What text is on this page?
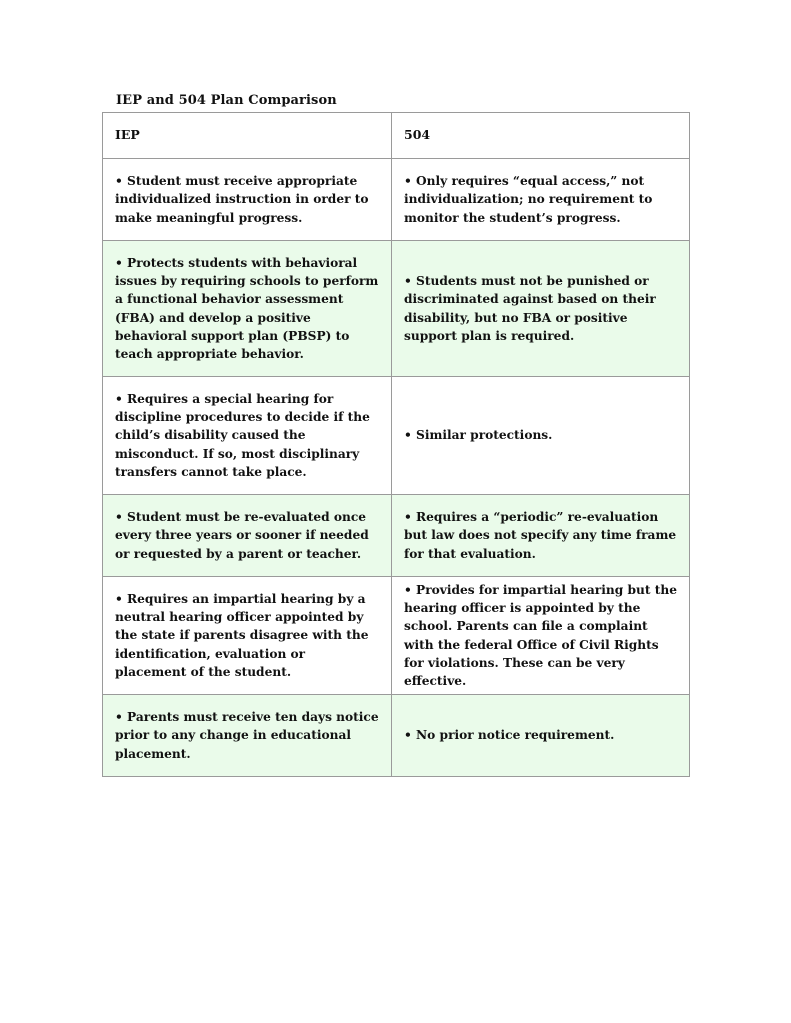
IEP and 504 Plan Comparison
IEP	504
• Student must receive appropriate individualized instruction in order to make meaningful progress.	• Only requires “equal access,” not individualization; no requirement to monitor the student’s progress.
• Protects students with behavioral issues by requiring schools to perform a functional behavior assessment (FBA) and develop a positive behavioral support plan (PBSP) to teach appropriate behavior.	• Students must not be punished or discriminated against based on their disability, but no FBA or positive support plan is required.
• Requires a special hearing for discipline procedures to decide if the child’s disability caused the misconduct. If so, most disciplinary transfers cannot take place.	• Similar protections.
• Student must be re-evaluated once every three years or sooner if needed or requested by a parent or teacher.	• Requires a “periodic” re-evaluation but law does not specify any time frame for that evaluation.
• Requires an impartial hearing by a neutral hearing officer appointed by the state if parents disagree with the identification, evaluation or placement of the student.	• Provides for impartial hearing but the hearing officer is appointed by the school. Parents can file a complaint with the federal Office of Civil Rights for violations. These can be very effective.
• Parents must receive ten days notice prior to any change in educational placement.	• No prior notice requirement.
